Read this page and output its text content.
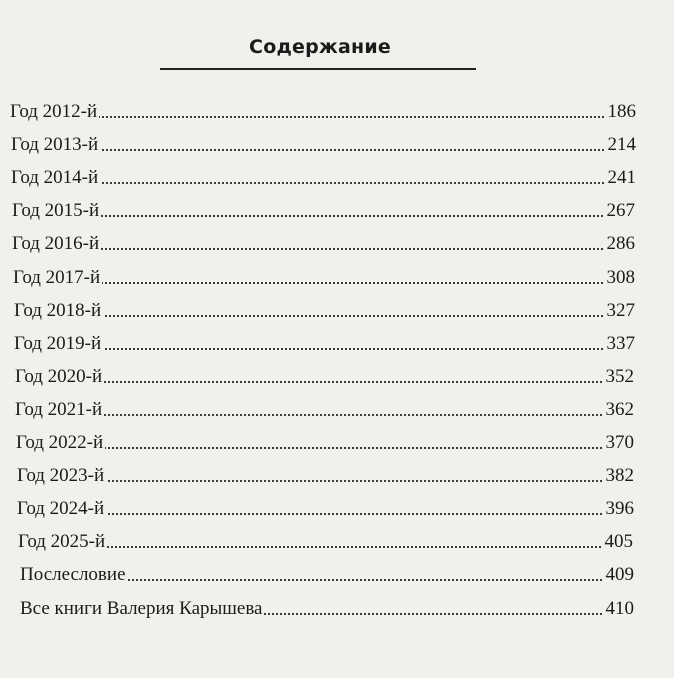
Содержание
Год 2012-й	186
Год 2013-й	214
Год 2014-й	241
Год 2015-й	267
Год 2016-й	286
Год 2017-й	308
Год 2018-й	327
Год 2019-й	337
Год 2020-й	352
Год 2021-й	362
Год 2022-й	370
Год 2023-й	382
Год 2024-й	396
Год 2025-й	405
Послесловие	409
Все книги Валерия Карышева	410
